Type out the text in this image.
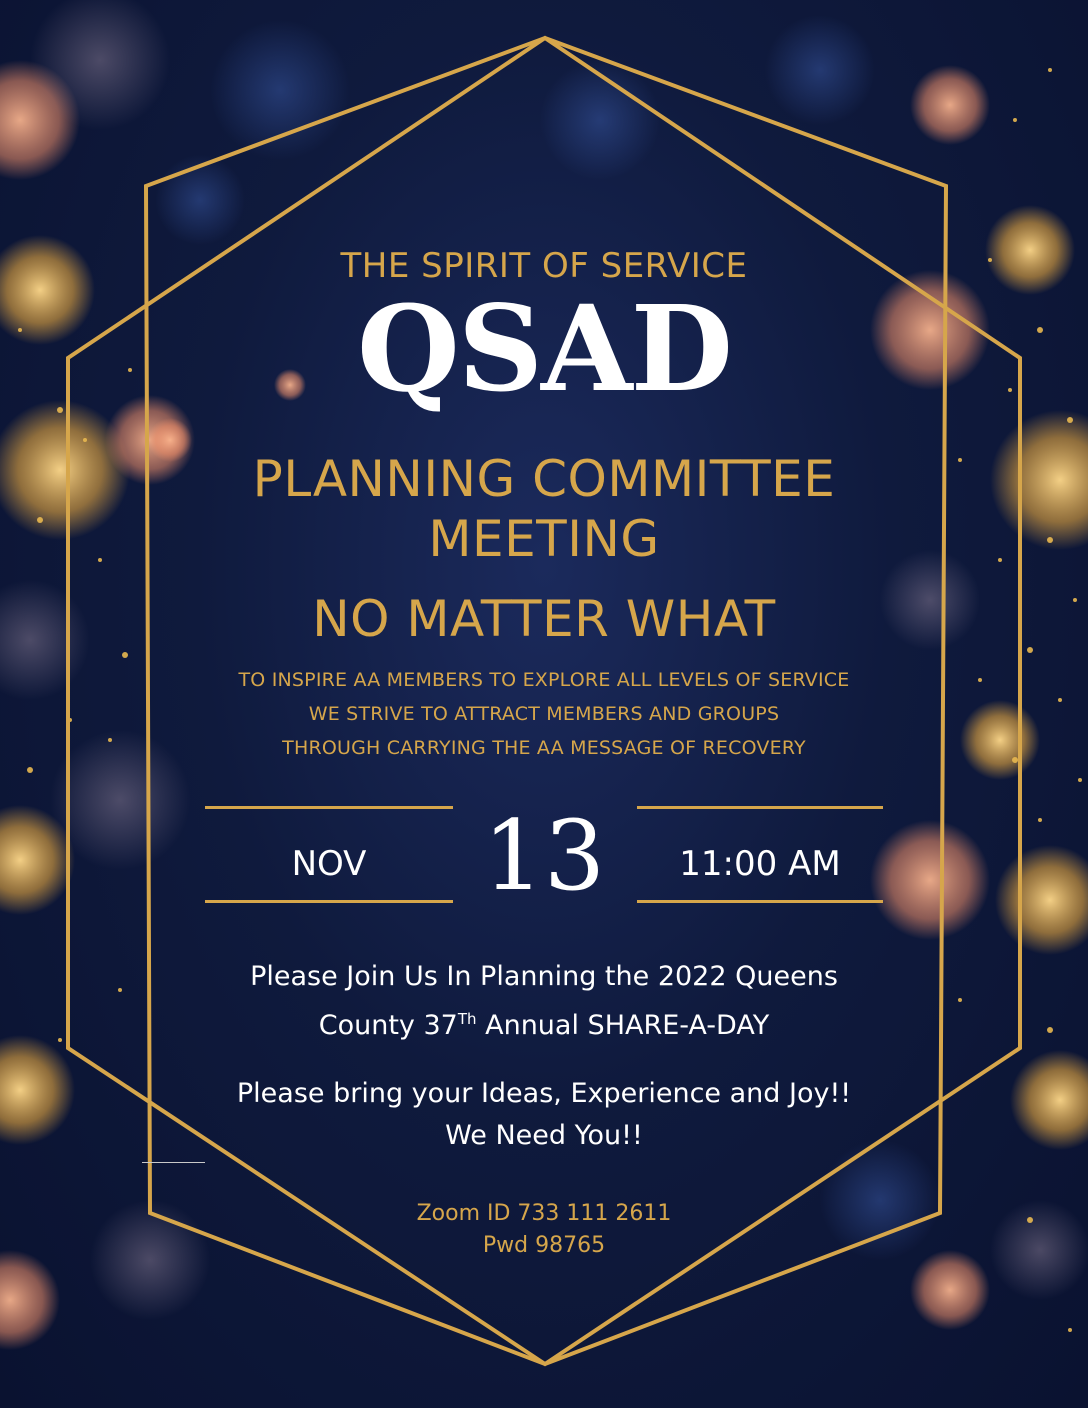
THE SPIRIT OF SERVICE
QSAD
PLANNING COMMITTEE
MEETING
NO MATTER WHAT
TO INSPIRE AA MEMBERS TO EXPLORE ALL LEVELS OF SERVICE
WE STRIVE TO ATTRACT MEMBERS AND GROUPS
THROUGH CARRYING THE AA MESSAGE OF RECOVERY
NOV	13	11:00 AM
Please Join Us In Planning the 2022 Queens
County 37Th Annual SHARE-A-DAY
Please bring your Ideas, Experience and Joy!!
We Need You!!
Zoom ID 733 111 2611
Pwd 98765
